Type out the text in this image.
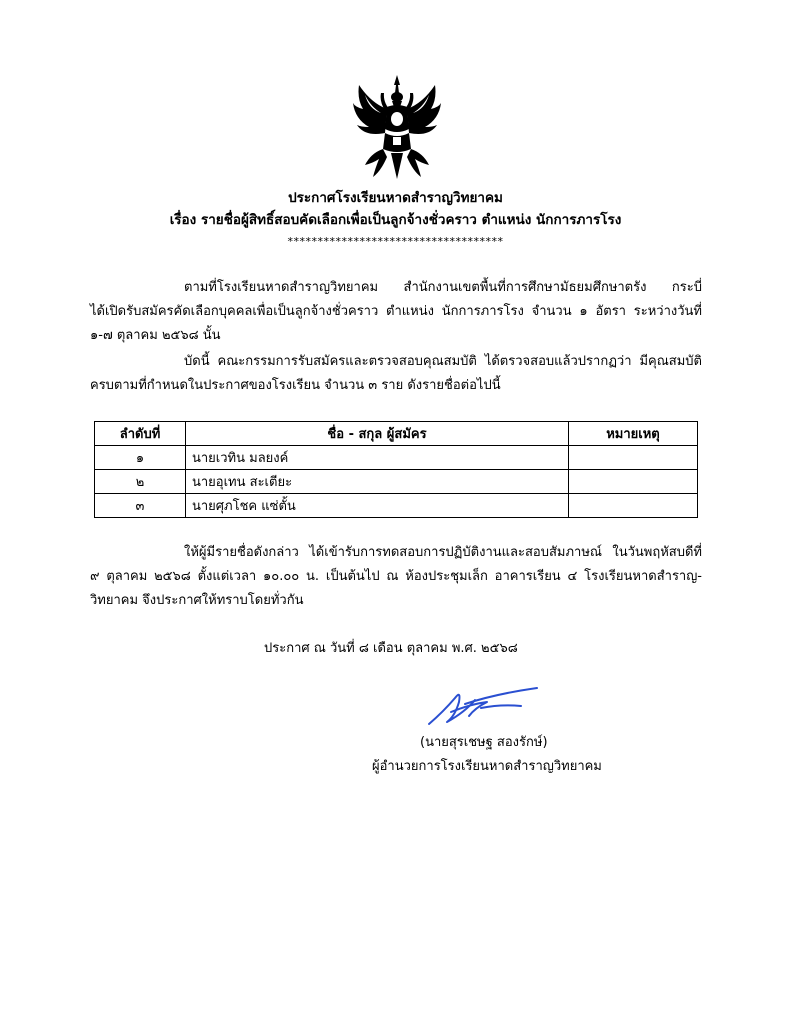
ประกาศโรงเรียนหาดสำราญวิทยาคม
เรื่อง รายชื่อผู้สิทธิ์สอบคัดเลือกเพื่อเป็นลูกจ้างชั่วคราว ตำแหน่ง นักการภารโรง
************************************
ตามที่โรงเรียนหาดสำราญวิทยาคม สำนักงานเขตพื้นที่การศึกษามัธยมศึกษาตรัง กระบี่
ได้เปิดรับสมัครคัดเลือกบุคคลเพื่อเป็นลูกจ้างชั่วคราว ตำแหน่ง นักการภารโรง จำนวน ๑ อัตรา ระหว่างวันที่
๑-๗ ตุลาคม ๒๕๖๘ นั้น
บัดนี้ คณะกรรมการรับสมัครและตรวจสอบคุณสมบัติ ได้ตรวจสอบแล้วปรากฏว่า มีคุณสมบัติ
ครบตามที่กำหนดในประกาศของโรงเรียน จำนวน ๓ ราย ดังรายชื่อต่อไปนี้
ลำดับที่	ชื่อ - สกุล ผู้สมัคร	หมายเหตุ
๑	นายเวทิน มลยงค์	
๒	นายอุเทน สะเตียะ	
๓	นายศุภโชค แซ่ตั้น	
ให้ผู้มีรายชื่อดังกล่าว ได้เข้ารับการทดสอบการปฏิบัติงานและสอบสัมภาษณ์ ในวันพฤหัสบดีที่
๙ ตุลาคม ๒๕๖๘ ตั้งแต่เวลา ๑๐.๐๐ น. เป็นต้นไป ณ ห้องประชุมเล็ก อาคารเรียน ๔ โรงเรียนหาดสำราญ-
วิทยาคม จึงประกาศให้ทราบโดยทั่วกัน
ประกาศ ณ วันที่ ๘ เดือน ตุลาคม พ.ศ. ๒๕๖๘
(นายสุรเชษฐ สองรักษ์)
ผู้อำนวยการโรงเรียนหาดสำราญวิทยาคม
